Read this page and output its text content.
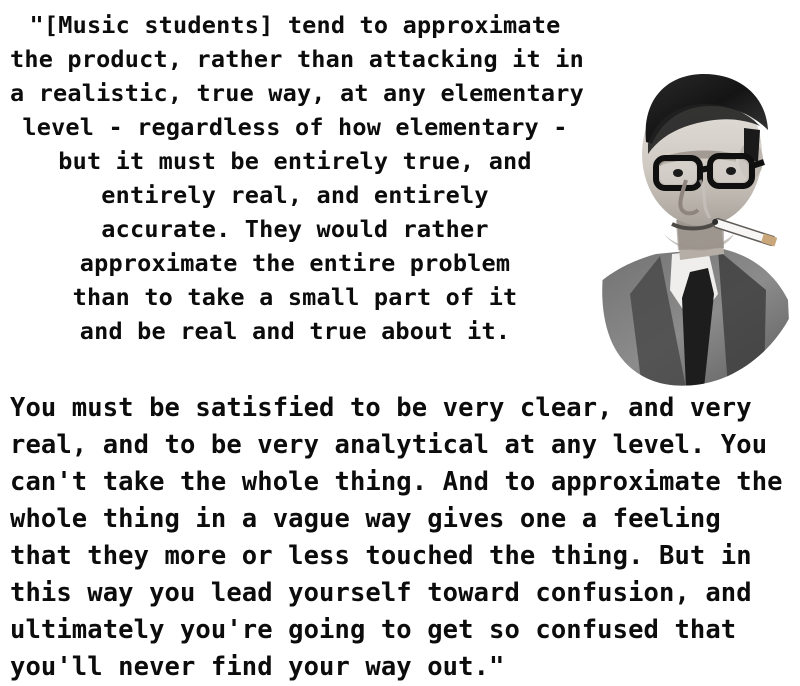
"[Music students] tend to approximate
the product, rather than attacking it in
a realistic, true way, at any elementary
level - regardless of how elementary -
but it must be entirely true, and
entirely real, and entirely
accurate. They would rather
approximate the entire problem
than to take a small part of it
and be real and true about it.
You must be satisfied to be very clear, and very
real, and to be very analytical at any level. You
can't take the whole thing. And to approximate the
whole thing in a vague way gives one a feeling
that they more or less touched the thing. But in
this way you lead yourself toward confusion, and
ultimately you're going to get so confused that
you'll never find your way out."
